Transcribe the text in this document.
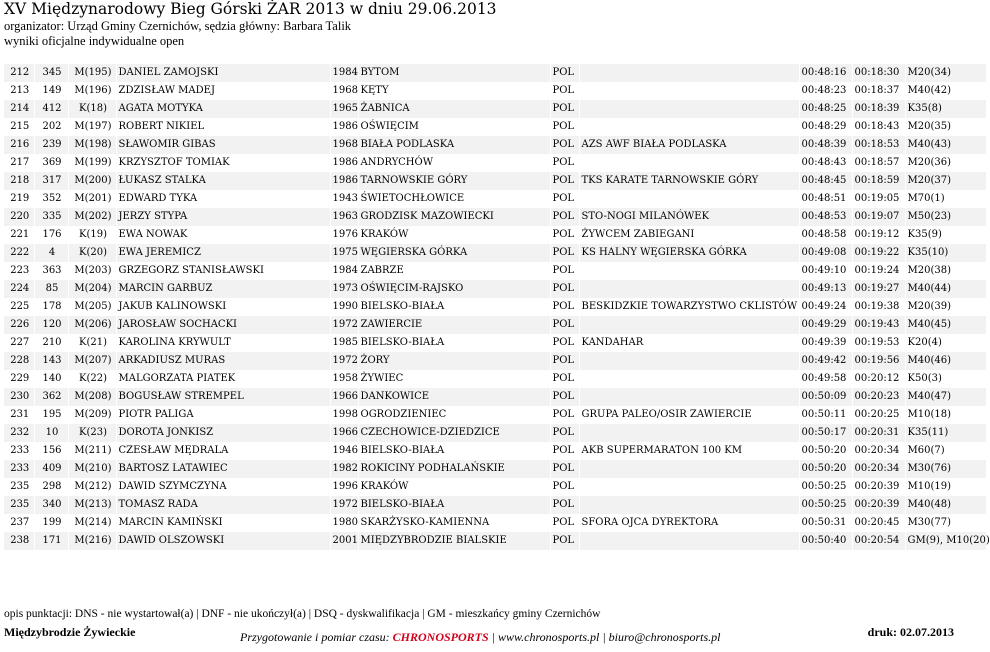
XV Międzynarodowy Bieg Górski ŻAR 2013 w dniu 29.06.2013
organizator: Urząd Gminy Czernichów, sędzia główny: Barbara Talik
wyniki oficjalne indywidualne open
212	345	M(195)	DANIEL ZAMOJSKI	1984	BYTOM	POL		00:48:16	00:18:30	M20(34)
213	149	M(196)	ZDZISŁAW MADEJ	1968	KĘTY	POL		00:48:23	00:18:37	M40(42)
214	412	K(18)	AGATA MOTYKA	1965	ŻABNICA	POL		00:48:25	00:18:39	K35(8)
215	202	M(197)	ROBERT NIKIEL	1986	OŚWIĘCIM	POL		00:48:29	00:18:43	M20(35)
216	239	M(198)	SŁAWOMIR GIBAS	1968	BIAŁA PODLASKA	POL	AZS AWF BIAŁA PODLASKA	00:48:39	00:18:53	M40(43)
217	369	M(199)	KRZYSZTOF TOMIAK	1986	ANDRYCHÓW	POL		00:48:43	00:18:57	M20(36)
218	317	M(200)	ŁUKASZ STALKA	1986	TARNOWSKIE GÓRY	POL	TKS KARATE TARNOWSKIE GÓRY	00:48:45	00:18:59	M20(37)
219	352	M(201)	EDWARD TYKA	1943	ŚWIETOCHŁOWICE	POL		00:48:51	00:19:05	M70(1)
220	335	M(202)	JERZY STYPA	1963	GRODZISK MAZOWIECKI	POL	STO-NOGI MILANÓWEK	00:48:53	00:19:07	M50(23)
221	176	K(19)	EWA NOWAK	1976	KRAKÓW	POL	ŻYWCEM ZABIEGANI	00:48:58	00:19:12	K35(9)
222	4	K(20)	EWA JEREMICZ	1975	WĘGIERSKA GÓRKA	POL	KS HALNY WĘGIERSKA GÓRKA	00:49:08	00:19:22	K35(10)
223	363	M(203)	GRZEGORZ STANISŁAWSKI	1984	ZABRZE	POL		00:49:10	00:19:24	M20(38)
224	85	M(204)	MARCIN GARBUZ	1973	OŚWIĘCIM-RAJSKO	POL		00:49:13	00:19:27	M40(44)
225	178	M(205)	JAKUB KALINOWSKI	1990	BIELSKO-BIAŁA	POL	BESKIDZKIE TOWARZYSTWO CKLISTÓW	00:49:24	00:19:38	M20(39)
226	120	M(206)	JAROSŁAW SOCHACKI	1972	ZAWIERCIE	POL		00:49:29	00:19:43	M40(45)
227	210	K(21)	KAROLINA KRYWULT	1985	BIELSKO-BIAŁA	POL	KANDAHAR	00:49:39	00:19:53	K20(4)
228	143	M(207)	ARKADIUSZ MURAS	1972	ŻORY	POL		00:49:42	00:19:56	M40(46)
229	140	K(22)	MALGORZATA PIATEK	1958	ŻYWIEC	POL		00:49:58	00:20:12	K50(3)
230	362	M(208)	BOGUSŁAW STREMPEL	1966	DANKOWICE	POL		00:50:09	00:20:23	M40(47)
231	195	M(209)	PIOTR PALIGA	1998	OGRODZIENIEC	POL	GRUPA PALEO/OSIR ZAWIERCIE	00:50:11	00:20:25	M10(18)
232	10	K(23)	DOROTA JONKISZ	1966	CZECHOWICE-DZIEDZICE	POL		00:50:17	00:20:31	K35(11)
233	156	M(211)	CZESŁAW MĘDRALA	1946	BIELSKO-BIAŁA	POL	AKB SUPERMARATON 100 KM	00:50:20	00:20:34	M60(7)
233	409	M(210)	BARTOSZ LATAWIEC	1982	ROKICINY PODHALAŃSKIE	POL		00:50:20	00:20:34	M30(76)
235	298	M(212)	DAWID SZYMCZYNA	1996	KRAKÓW	POL		00:50:25	00:20:39	M10(19)
235	340	M(213)	TOMASZ RADA	1972	BIELSKO-BIAŁA	POL		00:50:25	00:20:39	M40(48)
237	199	M(214)	MARCIN KAMIŃSKI	1980	SKARŻYSKO-KAMIENNA	POL	SFORA OJCA DYREKTORA	00:50:31	00:20:45	M30(77)
238	171	M(216)	DAWID OLSZOWSKI	2001	MIĘDZYBRODZIE BIALSKIE	POL		00:50:40	00:20:54	GM(9), M10(20)
opis punktacji: DNS - nie wystartował(a) | DNF - nie ukończył(a) | DSQ - dyskwalifikacja | GM - mieszkańcy gminy Czernichów
Międzybrodzie Żywieckie	Przygotowanie i pomiar czasu: CHRONOSPORTS | www.chronosports.pl | biuro@chronosports.pl	druk: 02.07.2013
